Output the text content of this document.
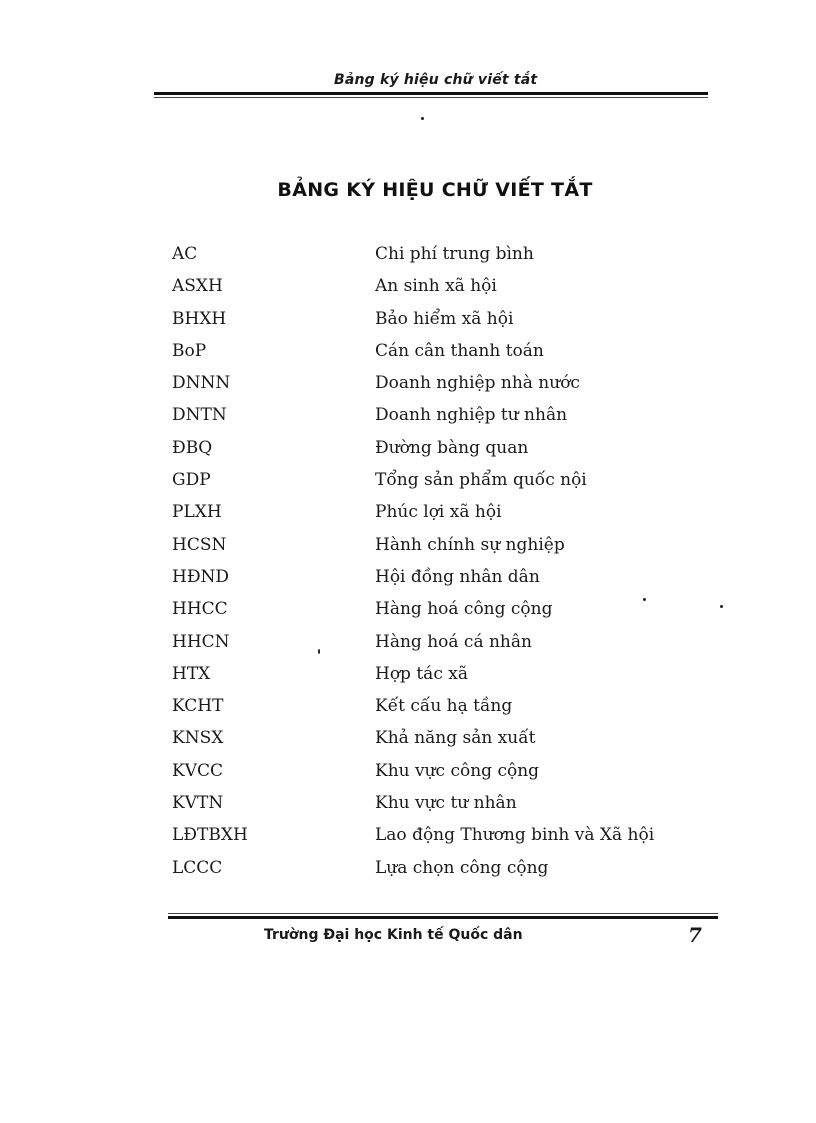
Bảng ký hiệu chữ viết tắt
BẢNG KÝ HIỆU CHỮ VIẾT TẮT
AC	Chi phí trung bình
ASXH	An sinh xã hội
BHXH	Bảo hiểm xã hội
BoP	Cán cân thanh toán
DNNN	Doanh nghiệp nhà nước
DNTN	Doanh nghiệp tư nhân
ĐBQ	Đường bàng quan
GDP	Tổng sản phẩm quốc nội
PLXH	Phúc lợi xã hội
HCSN	Hành chính sự nghiệp
HĐND	Hội đồng nhân dân
HHCC	Hàng hoá công cộng
HHCN	Hàng hoá cá nhân
HTX	Hợp tác xã
KCHT	Kết cấu hạ tầng
KNSX	Khả năng sản xuất
KVCC	Khu vực công cộng
KVTN	Khu vực tư nhân
LĐTBXH	Lao động Thương binh và Xã hội
LCCC	Lựa chọn công cộng
Trường Đại học Kinh tế Quốc dân	7
